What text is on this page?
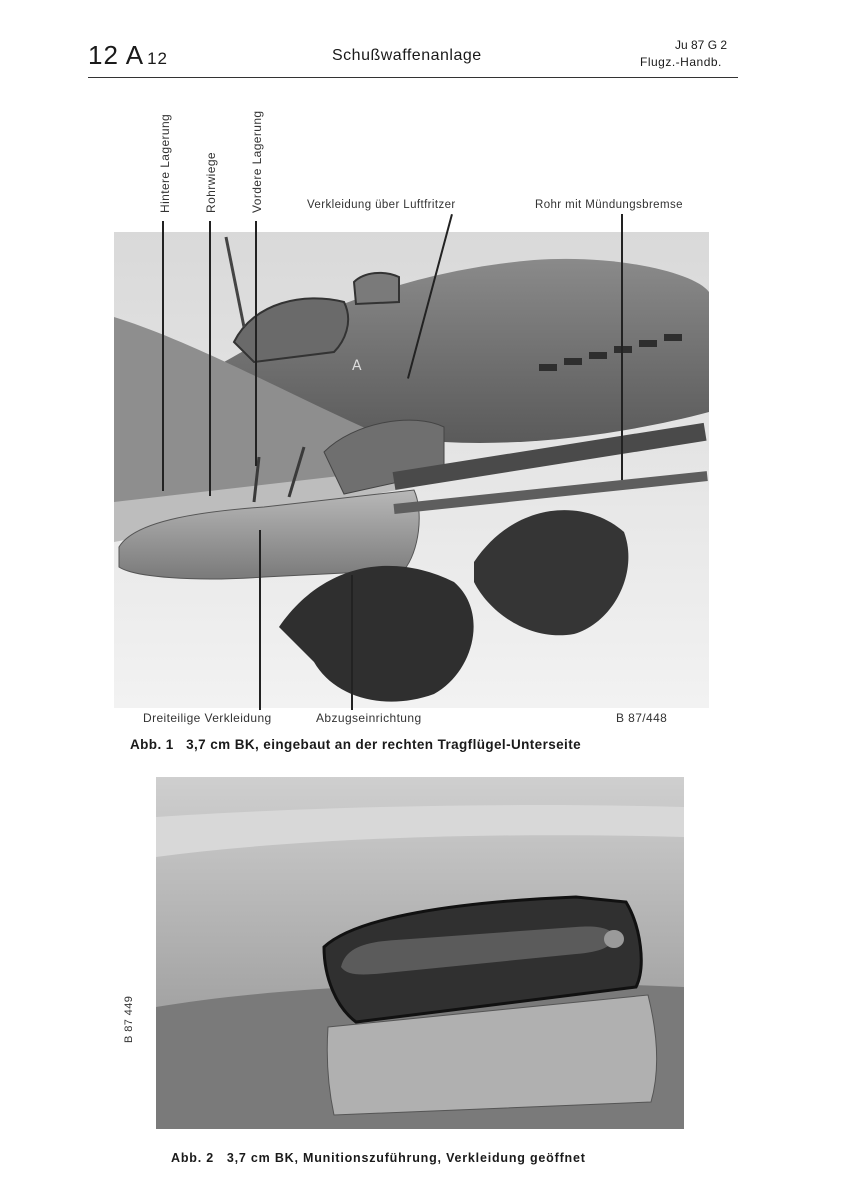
12 A 12	Schußwaffenanlage
Ju 87 G 2
Flugz.-Handb.
Hintere Lagerung	Rohrwiege	Vordere Lagerung	Verkleidung über Luftfritzer	Rohr mit Mündungsbremse
A
Dreiteilige Verkleidung	Abzugseinrichtung	B 87/448
Abb. 1 3,7 cm BK, eingebaut an der rechten Tragflügel-Unterseite
B 87 449
Abb. 2 3,7 cm BK, Munitionszuführung, Verkleidung geöffnet
